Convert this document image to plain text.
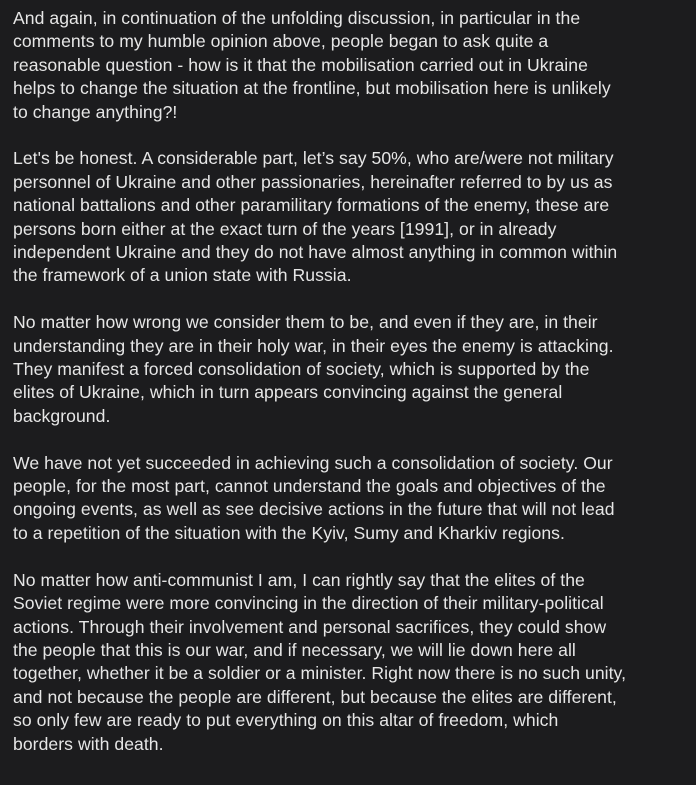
And again, in continuation of the unfolding discussion, in particular in the
comments to my humble opinion above, people began to ask quite a
reasonable question - how is it that the mobilisation carried out in Ukraine
helps to change the situation at the frontline, but mobilisation here is unlikely
to change anything?!

Let's be honest. A considerable part, let’s say 50%, who are/were not military
personnel of Ukraine and other passionaries, hereinafter referred to by us as
national battalions and other paramilitary formations of the enemy, these are
persons born either at the exact turn of the years [1991], or in already
independent Ukraine and they do not have almost anything in common within
the framework of a union state with Russia.

No matter how wrong we consider them to be, and even if they are, in their
understanding they are in their holy war, in their eyes the enemy is attacking.
They manifest a forced consolidation of society, which is supported by the
elites of Ukraine, which in turn appears convincing against the general
background.

We have not yet succeeded in achieving such a consolidation of society. Our
people, for the most part, cannot understand the goals and objectives of the
ongoing events, as well as see decisive actions in the future that will not lead
to a repetition of the situation with the Kyiv, Sumy and Kharkiv regions.

No matter how anti-communist I am, I can rightly say that the elites of the
Soviet regime were more convincing in the direction of their military-political
actions. Through their involvement and personal sacrifices, they could show
the people that this is our war, and if necessary, we will lie down here all
together, whether it be a soldier or a minister. Right now there is no such unity,
and not because the people are different, but because the elites are different,
so only few are ready to put everything on this altar of freedom, which
borders with death.
